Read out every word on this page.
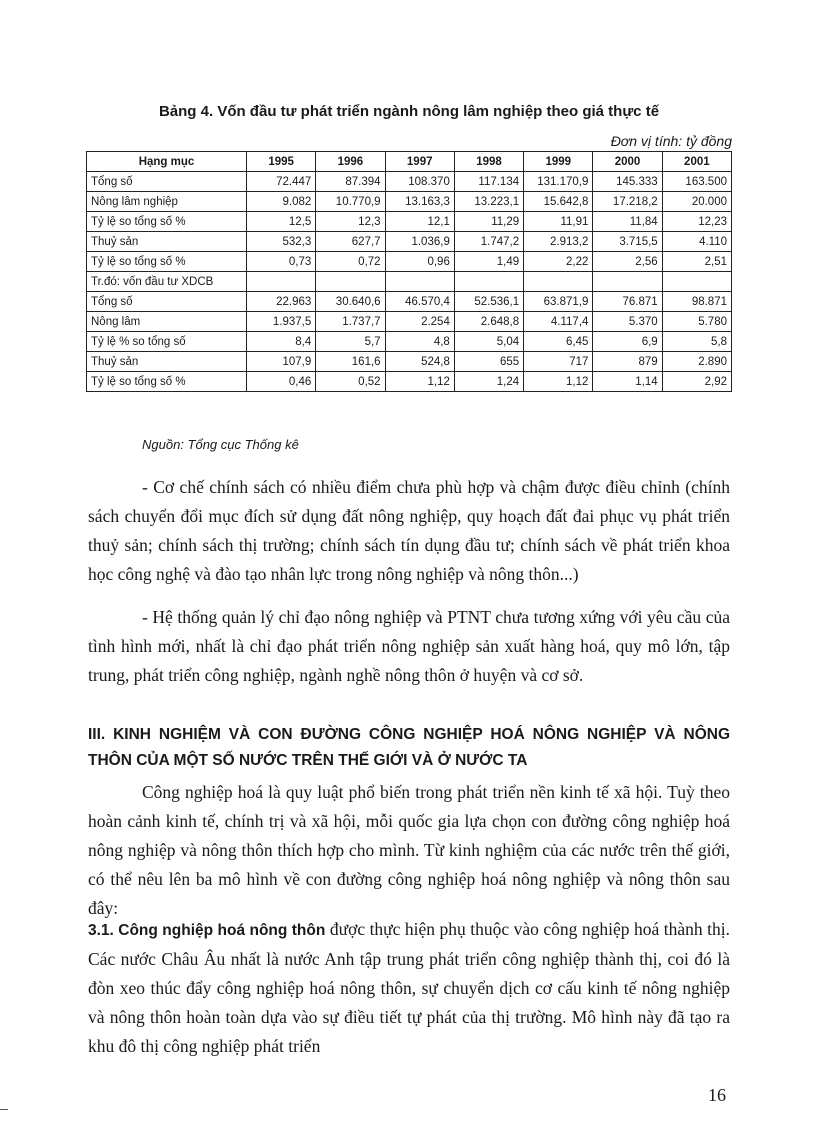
Bảng 4. Vốn đầu tư phát triển ngành nông lâm nghiệp theo giá thực tế
Đơn vị tính: tỷ đồng
Hạng mục	1995	1996	1997	1998	1999	2000	2001
Tổng số	72.447	87.394	108.370	117.134	131.170,9	145.333	163.500
Nông lâm nghiệp	9.082	10.770,9	13.163,3	13.223,1	15.642,8	17.218,2	20.000
Tỷ lệ so tổng số %	12,5	12,3	12,1	11,29	11,91	11,84	12,23
Thuỷ sản	532,3	627,7	1.036,9	1.747,2	2.913,2	3.715,5	4.110
Tỷ lệ so tổng số %	0,73	0,72	0,96	1,49	2,22	2,56	2,51
Tr.đó: vốn đầu tư XDCB							
Tổng số	22.963	30.640,6	46.570,4	52.536,1	63.871,9	76.871	98.871
Nông lâm	1.937,5	1.737,7	2.254	2.648,8	4.117,4	5.370	5.780
Tỷ lệ % so tổng số	8,4	5,7	4,8	5,04	6,45	6,9	5,8
Thuỷ sản	107,9	161,6	524,8	655	717	879	2.890
Tỷ lệ so tổng số %	0,46	0,52	1,12	1,24	1,12	1,14	2,92
Nguồn: Tổng cục Thống kê

- Cơ chế chính sách có nhiều điểm chưa phù hợp và chậm được điều chỉnh (chính sách chuyển đổi mục đích sử dụng đất nông nghiệp, quy hoạch đất đai phục vụ phát triển thuỷ sản; chính sách thị trường; chính sách tín dụng đầu tư; chính sách về phát triển khoa học công nghệ và đào tạo nhân lực trong nông nghiệp và nông thôn...)

- Hệ thống quản lý chỉ đạo nông nghiệp và PTNT chưa tương xứng với yêu cầu của tình hình mới, nhất là chỉ đạo phát triển nông nghiệp sản xuất hàng hoá, quy mô lớn, tập trung, phát triển công nghiệp, ngành nghề nông thôn ở huyện và cơ sở.

III. KINH NGHIỆM VÀ CON ĐƯỜNG CÔNG NGHIỆP HOÁ NÔNG NGHIỆP VÀ NÔNG THÔN CỦA MỘT SỐ NƯỚC TRÊN THẾ GIỚI VÀ Ở NƯỚC TA

Công nghiệp hoá là quy luật phổ biến trong phát triển nền kinh tế xã hội. Tuỳ theo hoàn cảnh kinh tế, chính trị và xã hội, mỗi quốc gia lựa chọn con đường công nghiệp hoá nông nghiệp và nông thôn thích hợp cho mình. Từ kinh nghiệm của các nước trên thế giới, có thể nêu lên ba mô hình về con đường công nghiệp hoá nông nghiệp và nông thôn sau đây:

3.1. Công nghiệp hoá nông thôn được thực hiện phụ thuộc vào công nghiệp hoá thành thị. Các nước Châu Âu nhất là nước Anh tập trung phát triển công nghiệp thành thị, coi đó là đòn xeo thúc đẩy công nghiệp hoá nông thôn, sự chuyển dịch cơ cấu kinh tế nông nghiệp và nông thôn hoàn toàn dựa vào sự điều tiết tự phát của thị trường. Mô hình này đã tạo ra khu đô thị công nghiệp phát triển

16
